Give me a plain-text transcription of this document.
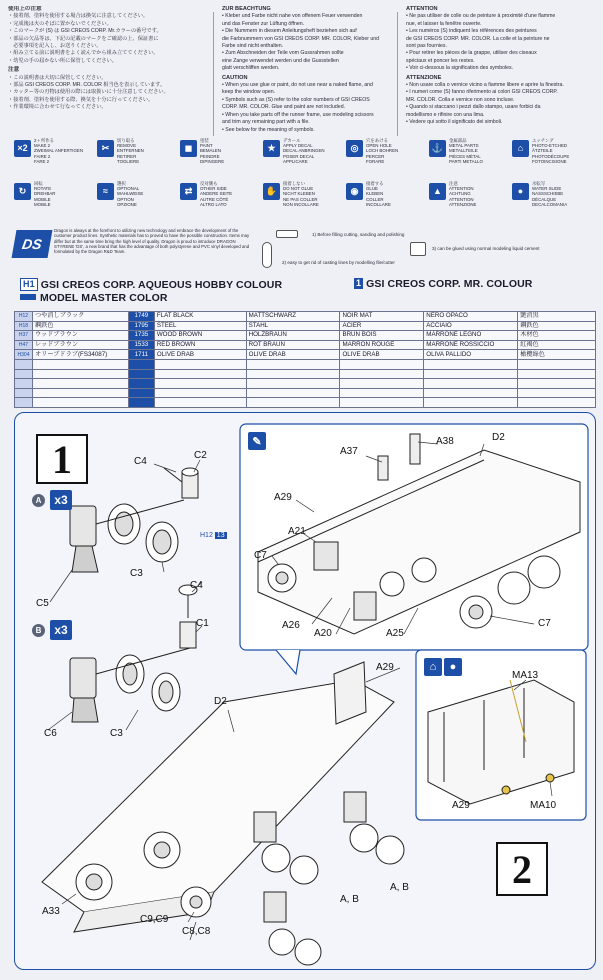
使用上の注意

・接着剤、塗料を使用する場合は換気に注意してください。

・完成後は火のそばに置かないでください。

・このマークが (S) は GSI CREOS CORP. Mr.カラーの番号です。

・部品の欠品等は、下記の記載のマークをご確認の上、保証書に

　必要事項を記入し、お送りください。

・組み立てる前に説明書をよく読んでから組み立ててください。

・幼児の手の届かない所に保管してください。

注意

・この説明書は大切に保管してください。

・部品 GSI CREOS CORP. MR. COLOR 相当色を表示しています。

・カッター等の刃物は使用の際には取扱いに十分注意してください。

・接着剤、塗料を使用する際、換気を十分に行ってください。

・作業環境に合わせて行なってください。

ZUR BEACHTUNG

• Kleber und Farbe nicht nahe von offenem Feuer verwenden

und das Fenster zur Lüftung öffnen.

• Die Nummern in diesem Anleitungsheft beziehen sich auf

die Farbnummern von GSI CREOS CORP. MR. COLOR, Kleber und

Farbe sind nicht enthalten.

• Zum Abschneiden der Teile vom Gussrahmen sollte

eine Zange verwendet werden und die Gussstellen

glatt verschliffen werden.

CAUTION

• When you use glue or paint, do not use near a naked flame, and

keep the window open.

• Symbols such as (S) refer to the color numbers of GSI CREOS

CORP. MR. COLOR. Glue and paint are not included.

• When you take parts off the runner frame, use modeling scissors

and trim any remaining part with a file.

• See below for the meaning of symbols.

ATTENTION

• Ne pas utiliser de colle ou de peinture à proximité d'une flamme

nue, et laisser la fenêtre ouverte.

• Les numéros (S) indiquent les références des peintures

de GSI CREOS CORP. MR. COLOR. La colle et la peinture ne

sont pas fournies.

• Pour retirer les pièces de la grappe, utiliser des ciseaux

spéciaux et poncer les restes.

• Voir ci-dessous la signification des symboles.

ATTENZIONE

• Non usare colla o vernice vicino a fiamme libere e aprire la finestra.

• I numeri come (S) fanno riferimento ai colori GSI CREOS CORP.

MR. COLOR. Colla e vernice non sono incluse.

• Quando si staccano i pezzi dallo stampo, usare forbici da

modellismo e rifinire con una lima.

• Vedere qui sotto il significato dei simboli.

×2
2ヶ所作る
MAKE 2
ZWEIMAL ANFERTIGEN
FAIRE 2
FARE 2
✂
切り取る
REMOVE
ENTFERNEN
RETIRER
TOGLIERE
◼
塗装
PAINT
BEMALEN
PEINDRE
DIPINGERE
★
デカール
APPLY DECAL
DECAL ANBRINGEN
POSER DECAL
APPLICARE
◎
穴をあける
OPEN HOLE
LOCH BOHREN
PERCER
FORARE
⚓
金属部品
METAL PARTS
METALLTEILE
PIÈCES MÉTAL
PARTI METALLO
⌂
エッチング
PHOTO-ETCHED
ÄTZTEILE
PHOTODÉCOUPE
FOTOINCISIONE
↻
回転
ROTATE
DREHBAR
MOBILE
MOBILE
≈
選択
OPTIONAL
WAHLWEISE
OPTION
OPZIONE
⇄
反対側も
OTHER SIDE
ANDERE SEITE
AUTRE CÔTÉ
ALTRO LATO
✋
接着しない
DO NOT GLUE
NICHT KLEBEN
NE PAS COLLER
NON INCOLLARE
◉
接着する
GLUE
KLEBEN
COLLER
INCOLLARE
▲
注意
ATTENTION
ACHTUNG
ATTENTION
ATTENZIONE
●
水転写
WATER SLIDE
NASSSCHIEBE
DÉCALQUE
DECALCOMANIA
DS
Dragon is always at the forefront to utilizing new technology and embrace the development of the customer product lines. Synthetic materials has to proved to have the possible construction. Items may differ but at the same time bring the high level of quality. Dragon is proud to introduce DRAGON STYRENE 'DS', a new brand that has the advantage of both polystyrene and PVC vinyl developed and formulated by the Dragon R&D Team.
1) Before filling cutting, sanding and polishing
2) easy to get rid of casting lines by modelling file/cutter
3) can be glued using normal modeling liquid cement
H1 GSI CREOS CORP. AQUEOUS HOBBY COLOUR	1 GSI CREOS CORP. MR. COLOUR
MODEL MASTER COLOR
H12	つや消しブラック	1749	FLAT BLACK	MATTSCHWARZ	NOIR MAT	NERO OPACO	艶消黒
H18	鋼鉄色	1795	STEEL	STAHL	ACIER	ACCIAIO	鋼鉄色
H37	ウッドブラウン	1735	WOOD BROWN	HOLZBRAUN	BRUN BOIS	MARRONE LEGNO	木材色
H47	レッドブラウン	1533	RED BROWN	ROT BRAUN	MARRON ROUGE	MARRONE ROSSICCIO	紅褐色
H304	オリーブドラブ(FS34087)	1711	OLIVE DRAB	OLIVE DRAB	OLIVE DRAB	OLIVA PALLIDO	橄欖綠色

1
2
✎
⌂	●
A	x3
B	x3
H12 13
C4
C2
C3
C5
C4
C1
C6	C3
A29
D2
A33
C9,C9
C8,C8
A, B
A, B
A37
A38	D2
A29
A21
C7
A26
A20	A25
C7
MA13
A29	MA10
